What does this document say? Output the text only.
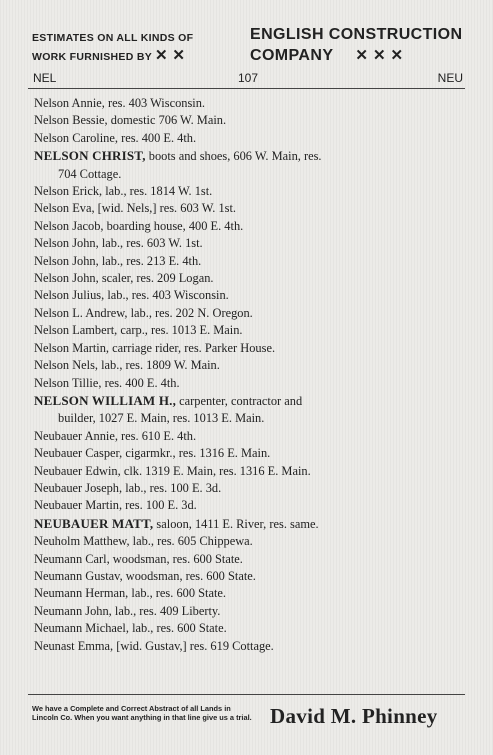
ESTIMATES ON ALL KINDS OF
WORK FURNISHED BY ✕ ✕
ENGLISH CONSTRUCTION
COMPANY ✕ ✕ ✕
NEL	107	NEU
Nelson Annie, res. 403 Wisconsin.
Nelson Bessie, domestic 706 W. Main.
Nelson Caroline, res. 400 E. 4th.
NELSON CHRIST, boots and shoes, 606 W. Main, res.
704 Cottage.
Nelson Erick, lab., res. 1814 W. 1st.
Nelson Eva, [wid. Nels,] res. 603 W. 1st.
Nelson Jacob, boarding house, 400 E. 4th.
Nelson John, lab., res. 603 W. 1st.
Nelson John, lab., res. 213 E. 4th.
Nelson John, scaler, res. 209 Logan.
Nelson Julius, lab., res. 403 Wisconsin.
Nelson L. Andrew, lab., res. 202 N. Oregon.
Nelson Lambert, carp., res. 1013 E. Main.
Nelson Martin, carriage rider, res. Parker House.
Nelson Nels, lab., res. 1809 W. Main.
Nelson Tillie, res. 400 E. 4th.
NELSON WILLIAM H., carpenter, contractor and
builder, 1027 E. Main, res. 1013 E. Main.
Neubauer Annie, res. 610 E. 4th.
Neubauer Casper, cigarmkr., res. 1316 E. Main.
Neubauer Edwin, clk. 1319 E. Main, res. 1316 E. Main.
Neubauer Joseph, lab., res. 100 E. 3d.
Neubauer Martin, res. 100 E. 3d.
NEUBAUER MATT, saloon, 1411 E. River, res. same.
Neuholm Matthew, lab., res. 605 Chippewa.
Neumann Carl, woodsman, res. 600 State.
Neumann Gustav, woodsman, res. 600 State.
Neumann Herman, lab., res. 600 State.
Neumann John, lab., res. 409 Liberty.
Neumann Michael, lab., res. 600 State.
Neunast Emma, [wid. Gustav,] res. 619 Cottage.
We have a Complete and Correct Abstract of all Lands in Lincoln Co. When you want anything in that line give us a trial. David M. Phinney
